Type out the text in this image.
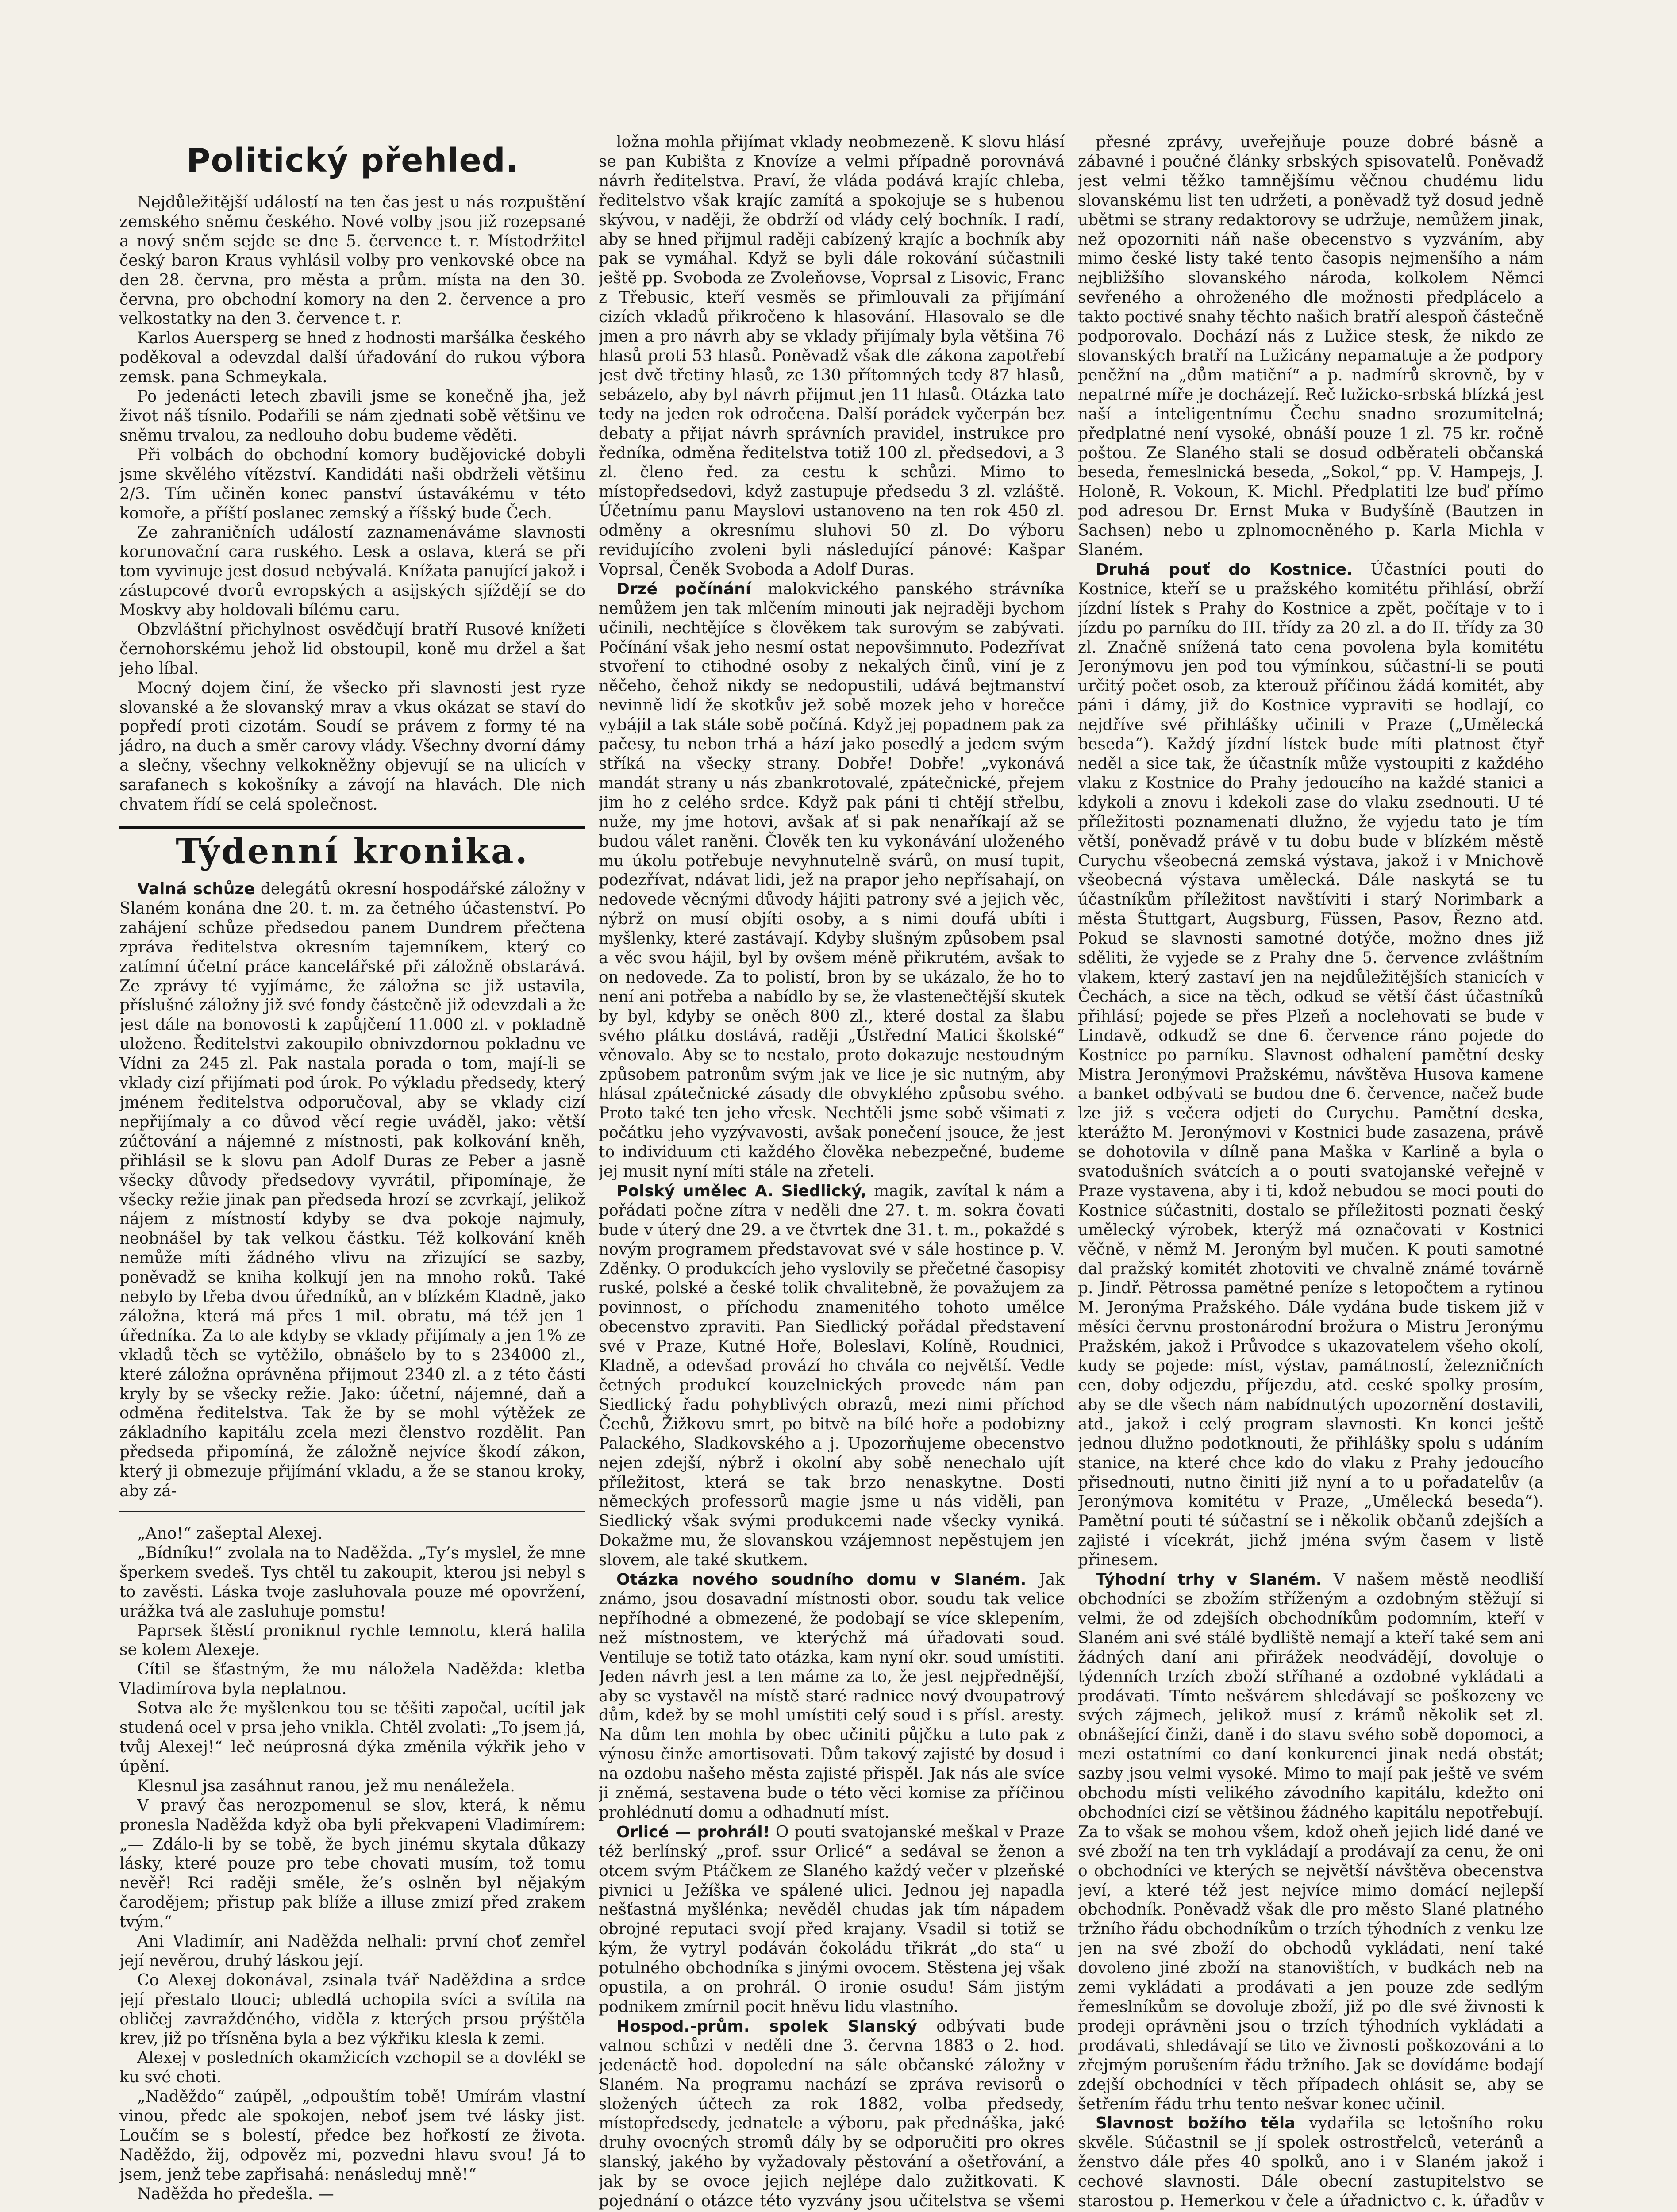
Politický přehled.

Nejdůležitější událostí na ten čas jest u nás rozpuštění zemského sněmu českého. Nové volby jsou již rozepsané a nový sněm sejde se dne 5. července t. r. Místodržitel český baron Kraus vyhlásil volby pro venkovské obce na den 28. června, pro města a prům. místa na den 30. června, pro obchodní komory na den 2. července a pro velkostatky na den 3. července t. r.

Karlos Auersperg se hned z hodnosti maršálka českého poděkoval a odevzdal další úřadování do rukou výbora zemsk. pana Schmeykala.

Po jedenácti letech zbavili jsme se konečně jha, jež život náš tísnilo. Podařili se nám zjednati sobě většinu ve sněmu trvalou, za nedlouho dobu budeme věděti.

Při volbách do obchodní komory budějovické dobyli jsme skvělého vítězství. Kandidáti naši obdrželi většinu 2/3. Tím učiněn konec panství ústavákému v této komoře, a příští poslanec zemský a říšský bude Čech.

Ze zahraničních událostí zaznamenáváme slavnosti korunovační cara ruského. Lesk a oslava, která se při tom vyvinuje jest dosud nebývalá. Knížata panující jakož i zástupcové dvorů evropských a asijských sjíždějí se do Moskvy aby holdovali bílému caru.

Obzvláštní přichylnost osvědčují bratří Rusové knížeti černohorskému jehož lid obstoupil, koně mu držel a šat jeho líbal.

Mocný dojem činí, že všecko při slavnosti jest ryze slovanské a že slovanský mrav a vkus okázat se staví do popředí proti cizotám. Soudí se právem z formy té na jádro, na duch a směr carovy vlády. Všechny dvorní dámy a slečny, všechny velkokněžny objevují se na ulicích v sarafanech s kokošníky a závojí na hlavách. Dle nich chvatem řídí se celá společnost.

Týdenní kronika.

Valná schůze delegátů okresní hospodářské záložny v Slaném konána dne 20. t. m. za četného účastenství. Po zahájení schůze předsedou panem Dundrem přečtena zpráva ředitelstva okresním tajemníkem, který co zatímní účetní práce kancelářské při záložně obstarává. Ze zprávy té vyjímáme, že záložna se již ustavila, příslušné záložny již své fondy částečně již odevzdali a že jest dále na bonovosti k zapůjčení 11.000 zl. v pokladně uloženo. Ředitelstvi zakoupilo obnivzdornou pokladnu ve Vídni za 245 zl. Pak nastala porada o tom, mají-li se vklady cizí přijímati pod úrok. Po výkladu předsedy, který jménem ředitelstva odporučoval, aby se vklady cizí nepřijímaly a co důvod věcí regie uváděl, jako: větší zúčtování a nájemné z místnosti, pak kolkování kněh, přihlásil se k slovu pan Adolf Duras ze Peber a jasně všecky důvody předsedovy vyvrátil, připomínaje, že všecky režie jinak pan předseda hrozí se zcvrkají, jelikož nájem z místností kdyby se dva pokoje najmuly, neobnášel by tak velkou částku. Též kolkování kněh nemůže míti žádného vlivu na zřizující se sazby, poněvadž se kniha kolkují jen na mnoho roků. Také nebylo by třeba dvou úředníků, an v blízkém Kladně, jako záložna, která má přes 1 mil. obratu, má též jen 1 úředníka. Za to ale kdyby se vklady přijímaly a jen 1% ze vkladů těch se vytěžilo, obnášelo by to s 234000 zl., které záložna oprávněna přijmout 2340 zl. a z této části kryly by se všecky režie. Jako: účetní, nájemné, daň a odměna ředitelstva. Tak že by se mohl výtěžek ze základního kapitálu zcela mezi členstvo rozdělit. Pan předseda připomíná, že záložně nejvíce škodí zákon, který ji obmezuje přijímání vkladu, a že se stanou kroky, aby zá-

„Ano!“ zašeptal Alexej.

„Bídníku!“ zvolala na to Naděžda. „Ty’s myslel, že mne šperkem svedeš. Tys chtěl tu zakoupit, kterou jsi nebyl s to zavěsti. Láska tvoje zasluhovala pouze mé opovržení, urážka tvá ale zasluhuje pomstu!

Paprsek štěstí proniknul rychle temnotu, která halila se kolem Alexeje.

Cítil se šťastným, že mu náložela Naděžda: kletba Vladimírova byla neplatnou.

Sotva ale že myšlenkou tou se těšiti započal, ucítil jak studená ocel v prsa jeho vnikla. Chtěl zvolati: „To jsem já, tvůj Alexej!“ leč neúprosná dýka změnila výkřik jeho v úpění.

Klesnul jsa zasáhnut ranou, jež mu nenáležela.

V pravý čas nerozpomenul se slov, která, k němu pronesla Naděžda když oba byli překvapeni Vladimírem: „— Zdálo-li by se tobě, že bych jinému skytala důkazy lásky, které pouze pro tebe chovati musím, tož tomu nevěř! Rci raději směle, že’s oslněn byl nějakým čarodějem; přistup pak blíže a illuse zmizí před zrakem tvým.“

Ani Vladimír, ani Naděžda nelhali: první choť zemřel její nevěrou, druhý láskou její.

Co Alexej dokonával, zsinala tvář Naděždina a srdce její přestalo tlouci; ubledlá uchopila svíci a svítila na obličej zavražděného, viděla z kterých prsou prýštěla krev, již po třísněna byla a bez výkřiku klesla k zemi.

Alexej v posledních okamžicích vzchopil se a dovlékl se ku své choti.

„Naděždo“ zaúpěl, „odpouštím tobě! Umírám vlastní vinou, předc ale spokojen, neboť jsem tvé lásky jist. Loučím se s bolestí, předce bez hořkostí ze života. Naděždo, žij, odpověz mi, pozvedni hlavu svou! Já to jsem, jenž tebe zapřisahá: nenásleduj mně!“

Naděžda ho předešla. —

ložna mohla přijímat vklady neobmezeně. K slovu hlásí se pan Kubišta z Knovíze a velmi případně porovnává návrh ředitelstva. Praví, že vláda podává krajíc chleba, ředitelstvo však krajíc zamítá a spokojuje se s hubenou skývou, v naději, že obdrží od vlády celý bochník. I radí, aby se hned přijmul raději cabízený krajíc a bochník aby pak se vymáhal. Když se byli dále rokování súčastnili ještě pp. Svoboda ze Zvoleňovse, Voprsal z Lisovic, Franc z Třebusic, kteří vesměs se přimlouvali za přijímání cizích vkladů přikročeno k hlasování. Hlasovalo se dle jmen a pro návrh aby se vklady přijímaly byla většina 76 hlasů proti 53 hlasů. Poněvadž však dle zákona zapotřebí jest dvě třetiny hlasů, ze 130 přítomných tedy 87 hlasů, sebázelo, aby byl návrh přijmut jen 11 hlasů. Otázka tato tedy na jeden rok odročena. Další porádek vyčerpán bez debaty a přijat návrh správních pravidel, instrukce pro ředníka, odměna ředitelstva totiž 100 zl. předsedovi, a 3 zl. členo řed. za cestu k schůzi. Mimo to místopředsedovi, když zastupuje předsedu 3 zl. vzláště. Účetnímu panu Mayslovi ustanoveno na ten rok 450 zl. odměny a okresnímu sluhovi 50 zl. Do výboru revidujícího zvoleni byli následující pánové: Kašpar Voprsal, Čeněk Svoboda a Adolf Duras.

Drzé počínání malokvického panského strávníka nemůžem jen tak mlčením minouti jak nejraději bychom učinili, nechtějíce s člověkem tak surovým se zabývati. Počínání však jeho nesmí ostat nepovšimnuto. Podezřívat stvoření to ctihodné osoby z nekalých činů, viní je z něčeho, čehož nikdy se nedopustili, udává bejtmanství nevinně lidí že skotkův jež sobě mozek jeho v horečce vybájil a tak stále sobě počíná. Když jej popadnem pak za pačesy, tu nebon trhá a hází jako posedlý a jedem svým stříká na všecky strany. Dobře! Dobře! „vykonává mandát strany u nás zbankrotovalé, zpátečnické, přejem jim ho z celého srdce. Když pak páni ti chtějí střelbu, nuže, my jme hotovi, avšak ať si pak nenaříkají až se budou válet raněni. Člověk ten ku vykonávání uloženého mu úkolu potřebuje nevyhnutelně svárů, on musí tupit, podezřívat, ndávat lidi, jež na prapor jeho nepřísahají, on nedovede věcnými důvody hájiti patrony své a jejich věc, nýbrž on musí objíti osoby, a s nimi doufá ubíti i myšlenky, které zastávají. Kdyby slušným způsobem psal a věc svou hájil, byl by ovšem méně přikrutém, avšak to on nedovede. Za to polistí, bron by se ukázalo, že ho to není ani potřeba a nabídlo by se, že vlastenečtější skutek by byl, kdyby se oněch 800 zl., které dostal za šlabu svého plátku dostává, raději „Ústřední Matici školské“ věnovalo. Aby se to nestalo, proto dokazuje nestoudným způsobem patronům svým jak ve lice je sic nutným, aby hlásal zpátečnické zásady dle obvyklého způsobu svého. Proto také ten jeho vřesk. Nechtěli jsme sobě všimati z počátku jeho vyzývavosti, avšak ponečení jsouce, že jest to individuum cti každého člověka nebezpečné, budeme jej musit nyní míti stále na zřeteli.

Polský umělec A. Siedlický, magik, zavítal k nám a pořádati počne zítra v neděli dne 27. t. m. sokra čovati bude v úterý dne 29. a ve čtvrtek dne 31. t. m., pokaždé s novým programem představovat své v sále hostince p. V. Zděnky. O produkcích jeho vyslovily se přečetné časopisy ruské, polské a české tolik chvalitebně, že považujem za povinnost, o příchodu znamenitého tohoto umělce obecenstvo zpraviti. Pan Siedlický pořádal představení své v Praze, Kutné Hoře, Boleslavi, Kolíně, Roudnici, Kladně, a odevšad provází ho chvála co největší. Vedle četných produkcí kouzelnických provede nám pan Siedlický řadu pohyblivých obrazů, mezi nimi příchod Čechů, Žižkovu smrt, po bitvě na bílé hoře a podobizny Palackého, Sladkovského a j. Upozorňujeme obecenstvo nejen zdejší, nýbrž i okolní aby sobě nenechalo ujít příležitost, která se tak brzo nenaskytne. Dosti německých professorů magie jsme u nás viděli, pan Siedlický však svými produkcemi nade všecky vyniká. Dokažme mu, že slovanskou vzájemnost nepěstujem jen slovem, ale také skutkem.

Otázka nového soudního domu v Slaném. Jak známo, jsou dosavadní místnosti obor. soudu tak velice nepříhodné a obmezené, že podobají se více sklepením, než místnostem, ve kterýchž má úřadovati soud. Ventiluje se totiž tato otázka, kam nyní okr. soud umístiti. Jeden návrh jest a ten máme za to, že jest nejpřednější, aby se vystavěl na místě staré radnice nový dvoupatrový dům, kdež by se mohl umístiti celý soud i s přísl. aresty. Na dům ten mohla by obec učiniti půjčku a tuto pak z výnosu činže amortisovati. Dům takový zajisté by dosud i na ozdobu našeho města zajisté přispěl. Jak nás ale svíce ji zněmá, sestavena bude o této věci komise za příčinou prohlédnutí domu a odhadnutí míst.

Orlicé — prohrál! O pouti svatojanské meškal v Praze též berlínský „prof. ssur Orlicé“ a sedával se ženon a otcem svým Ptáčkem ze Slaného každý večer v plzeňské pivnici u Ježíška ve spálené ulici. Jednou jej napadla nešťastná myšlénka; nevěděl chudas jak tím nápadem obrojné reputaci svojí před krajany. Vsadil si totiž se kým, že vytryl podáván čokoládu třikrát „do sta“ u potulného obchodníka s jinými ovocem. Stěstena jej však opustila, a on prohrál. O ironie osudu! Sám jistým podnikem zmírnil pocit hněvu lidu vlastního.

Hospod.-prům. spolek Slanský odbývati bude valnou schůzi v neděli dne 3. června 1883 o 2. hod. jedenáctě hod. dopolední na sále občanské záložny v Slaném. Na programu nachází se zpráva revisorů o složených účtech za rok 1882, volba předsedy, místopředsedy, jednatele a výboru, pak přednáška, jaké druhy ovocných stromů dály by se odporučiti pro okres slanský, jakého by vyžadovaly pěstování a ošetřování, a jak by se ovoce jejich nejlépe dalo zužitkovati. K pojednání o otázce této vyzvány jsou učitelstva se všemi

přesné zprávy, uveřejňuje pouze dobré básně a zábavné i poučné články srbských spisovatelů. Poněvadž jest velmi těžko tamnějšímu věčnou chudému lidu slovanskému list ten udržeti, a poněvadž tyž dosud jedně ubětmi se strany redaktorovy se udržuje, nemůžem jinak, než opozorniti náň naše obecenstvo s vyzváním, aby mimo české listy také tento časopis nejmenšího a nám nejbližšího slovanského národa, kolkolem Němci sevřeného a ohroženého dle možnosti předplácelo a takto poctivé snahy těchto našich bratří alespoň částečně podporovalo. Dochází nás z Lužice stesk, že nikdo ze slovanských bratří na Lužicány nepamatuje a že podpory peněžní na „dům matiční“ a p. nadmírů skrovně, by v nepatrné míře je docházejí. Reč lužicko-srbská blízká jest naší a inteligentnímu Čechu snadno srozumitelná; předplatné není vysoké, obnáší pouze 1 zl. 75 kr. ročně poštou. Ze Slaného stali se dosud odběrateli občanská beseda, řemeslnická beseda, „Sokol,“ pp. V. Hampejs, J. Holoně, R. Vokoun, K. Michl. Předplatiti lze buď přímo pod adresou Dr. Ernst Muka v Budyšíně (Bautzen in Sachsen) nebo u zplnomocněného p. Karla Michla v Slaném.

Druhá pouť do Kostnice. Účastníci pouti do Kostnice, kteří se u pražského komitétu přihlásí, obrží jízdní lístek s Prahy do Kostnice a zpět, počítaje v to i jízdu po parníku do III. třídy za 20 zl. a do II. třídy za 30 zl. Značně snížená tato cena povolena byla komitétu Jeronýmovu jen pod tou výmínkou, súčastní-li se pouti určitý počet osob, za kterouž příčinou žádá komitét, aby páni i dámy, již do Kostnice vypraviti se hodlají, co nejdříve své přihlášky učinili v Praze („Umělecká beseda“). Každý jízdní lístek bude míti platnost čtyř neděl a sice tak, že účastník může vystoupiti z každého vlaku z Kostnice do Prahy jedoucího na každé stanici a kdykoli a znovu i kdekoli zase do vlaku zsednouti. U té příležitosti poznamenati dlužno, že vyjedu tato je tím větší, poněvadž právě v tu dobu bude v blízkém městě Curychu všeobecná zemská výstava, jakož i v Mnichově všeobecná výstava umělecká. Dále naskytá se tu účastníkům příležitost navštíviti i starý Norimbark a města Štuttgart, Augsburg, Füssen, Pasov, Řezno atd. Pokud se slavnosti samotné dotýče, možno dnes již sděliti, že vyjede se z Prahy dne 5. července zvláštním vlakem, který zastaví jen na nejdůležitějších stanicích v Čechách, a sice na těch, odkud se větší část účastníků přihlásí; pojede se přes Plzeň a noclehovati se bude v Lindavě, odkudž se dne 6. července ráno pojede do Kostnice po parníku. Slavnost odhalení pamětní desky Mistra Jeronýmovi Pražskému, návštěva Husova kamene a banket odbývati se budou dne 6. července, načež bude lze již s večera odjeti do Curychu. Pamětní deska, kterážto M. Jeronýmovi v Kostnici bude zasazena, právě se dohotovila v dílně pana Maška v Karlině a byla o svatodušních svátcích a o pouti svatojanské veřejně v Praze vystavena, aby i ti, kdož nebudou se moci pouti do Kostnice súčastniti, dostalo se příležitosti poznati český umělecký výrobek, kterýž má označovati v Kostnici věčně, v němž M. Jeroným byl mučen. K pouti samotné dal pražský komitét zhotoviti ve chvalně známé továrně p. Jindř. Pětrossa pamětné peníze s letopočtem a rytinou M. Jeronýma Pražského. Dále vydána bude tiskem již v měsíci červnu prostonárodní brožura o Mistru Jeronýmu Pražském, jakož i Průvodce s ukazovatelem všeho okolí, kudy se pojede: míst, výstav, památností, železničních cen, doby odjezdu, příjezdu, atd. ceské spolky prosím, aby se dle všech nám nabídnutých upozornění dostavili, atd., jakož i celý program slavnosti. Kn konci ještě jednou dlužno podotknouti, že přihlášky spolu s udáním stanice, na které chce kdo do vlaku z Prahy jedoucího přisednouti, nutno činiti již nyní a to u pořadatelův (a Jeronýmova komitétu v Praze, „Umělecká beseda“). Pamětní pouti té súčastní se i několik občanů zdejších a zajisté i vícekrát, jichž jména svým časem v listě přinesem.

Týhodní trhy v Slaném. V našem městě neodliší obchodníci se zbožím stříženým a ozdobným stěžují si velmi, že od zdejších obchodníkům podomním, kteří v Slaném ani své stálé bydliště nemají a kteří také sem ani žádných daní ani přirážek neodvádějí, dovoluje o týdenních trzích zboží stříhané a ozdobné vykládati a prodávati. Tímto nešvárem shledávají se poškozeny ve svých zájmech, jelikož musí z krámů několik set zl. obnášející činži, daně i do stavu svého sobě dopomoci, a mezi ostatními co daní konkurenci jinak nedá obstát; sazby jsou velmi vysoké. Mimo to mají pak ještě ve svém obchodu místi velikého závodního kapitálu, kdežto oni obchodníci cizí se většinou žádného kapitálu nepotřebují. Za to však se mohou všem, kdož oheň jejich lidé dané ve své zboží na ten trh vykládají a prodávají za cenu, že oni o obchodníci ve kterých se největší návštěva obecenstva jeví, a které též jest nejvíce mimo domácí nejlepší obchodník. Poněvadž však dle pro město Slané platného tržního řádu obchodníkům o trzích týhodních z venku lze jen na své zboží do obchodů vykládati, není také dovoleno jiné zboží na stanovištích, v budkách neb na zemi vykládati a prodávati a jen pouze zde sedlým řemeslníkům se dovoluje zboží, již po dle své živnosti k prodeji oprávněni jsou o trzích týhodních vykládati a prodávati, shledávají se tito ve živnosti poškozováni a to zřejmým porušením řádu tržního. Jak se dovídáme bodají zdejší obchodníci v těch případech ohlásit se, aby se šetřením řádu trhu tento nešvar konec učinil.

Slavnost božího těla vydařila se letošního roku skvěle. Súčastnil se jí spolek ostrostřelců, veteránů a ženstvo dále přes 40 spolků, ano i v Slaném jakož i cechové slavnosti. Dále obecní zastupitelstvo se starostou p. Hemerkou v čele a úřadnictvo c. k. úřadův v
